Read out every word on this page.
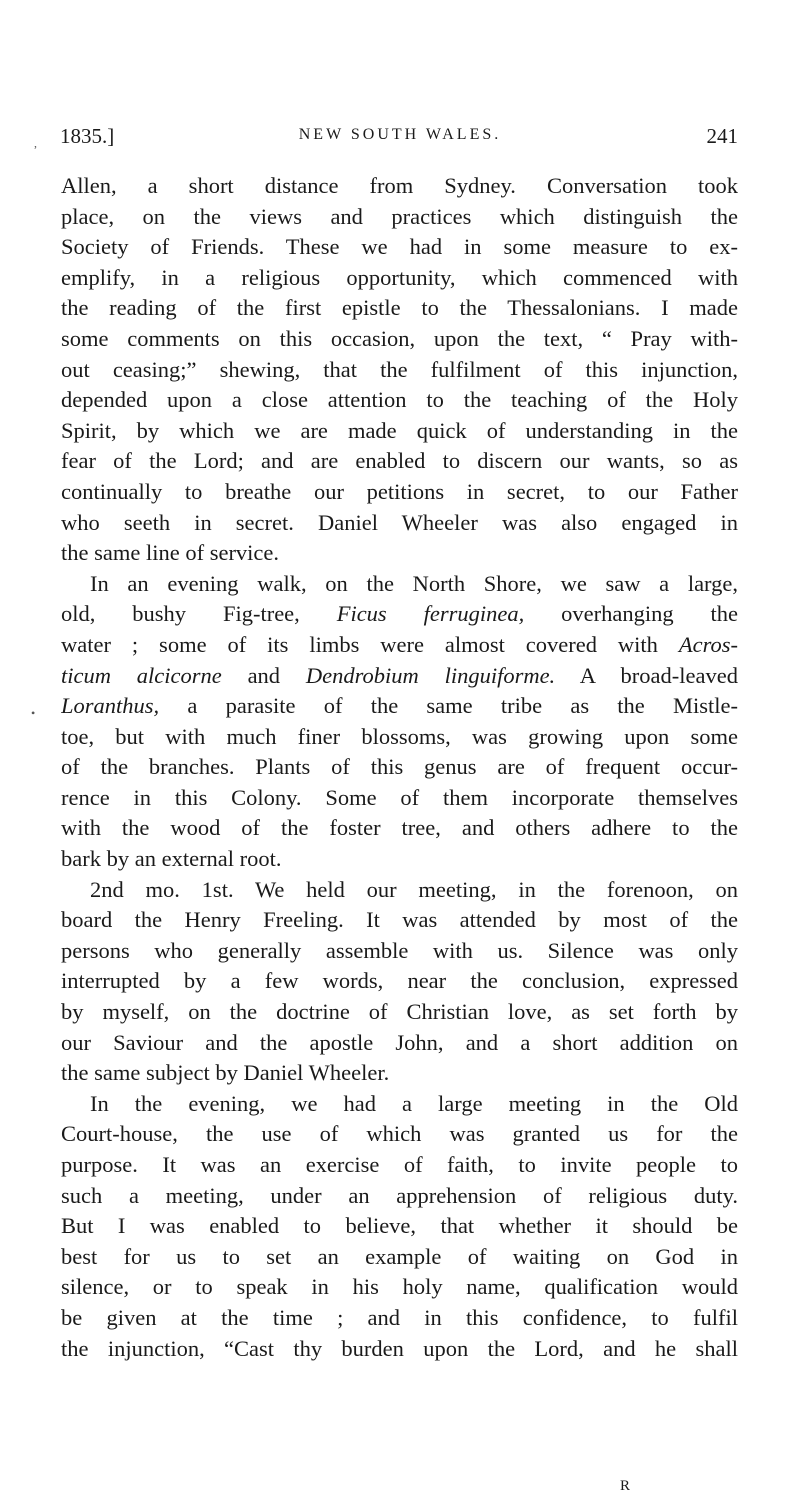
1835.]	NEW SOUTH WALES.	241
Allen, a short distance from Sydney. Conversation took
place, on the views and practices which distinguish the
Society of Friends. These we had in some measure to ex-
emplify, in a religious opportunity, which commenced with
the reading of the first epistle to the Thessalonians. I made
some comments on this occasion, upon the text, “ Pray with-
out ceasing;” shewing, that the fulfilment of this injunction,
depended upon a close attention to the teaching of the Holy
Spirit, by which we are made quick of understanding in the
fear of the Lord; and are enabled to discern our wants, so as
continually to breathe our petitions in secret, to our Father
who seeth in secret. Daniel Wheeler was also engaged in
the same line of service.
In an evening walk, on the North Shore, we saw a large,
old, bushy Fig-tree, Ficus ferruginea, overhanging the
water ; some of its limbs were almost covered with Acros-
ticum alcicorne and Dendrobium linguiforme. A broad-leaved
Loranthus, a parasite of the same tribe as the Mistle-
toe, but with much finer blossoms, was growing upon some
of the branches. Plants of this genus are of frequent occur-
rence in this Colony. Some of them incorporate themselves
with the wood of the foster tree, and others adhere to the
bark by an external root.
2nd mo. 1st. We held our meeting, in the forenoon, on
board the Henry Freeling. It was attended by most of the
persons who generally assemble with us. Silence was only
interrupted by a few words, near the conclusion, expressed
by myself, on the doctrine of Christian love, as set forth by
our Saviour and the apostle John, and a short addition on
the same subject by Daniel Wheeler.
In the evening, we had a large meeting in the Old
Court-house, the use of which was granted us for the
purpose. It was an exercise of faith, to invite people to
such a meeting, under an apprehension of religious duty.
But I was enabled to believe, that whether it should be
best for us to set an example of waiting on God in
silence, or to speak in his holy name, qualification would
be given at the time ; and in this confidence, to fulfil
the injunction, “Cast thy burden upon the Lord, and he shall
R
,
•
